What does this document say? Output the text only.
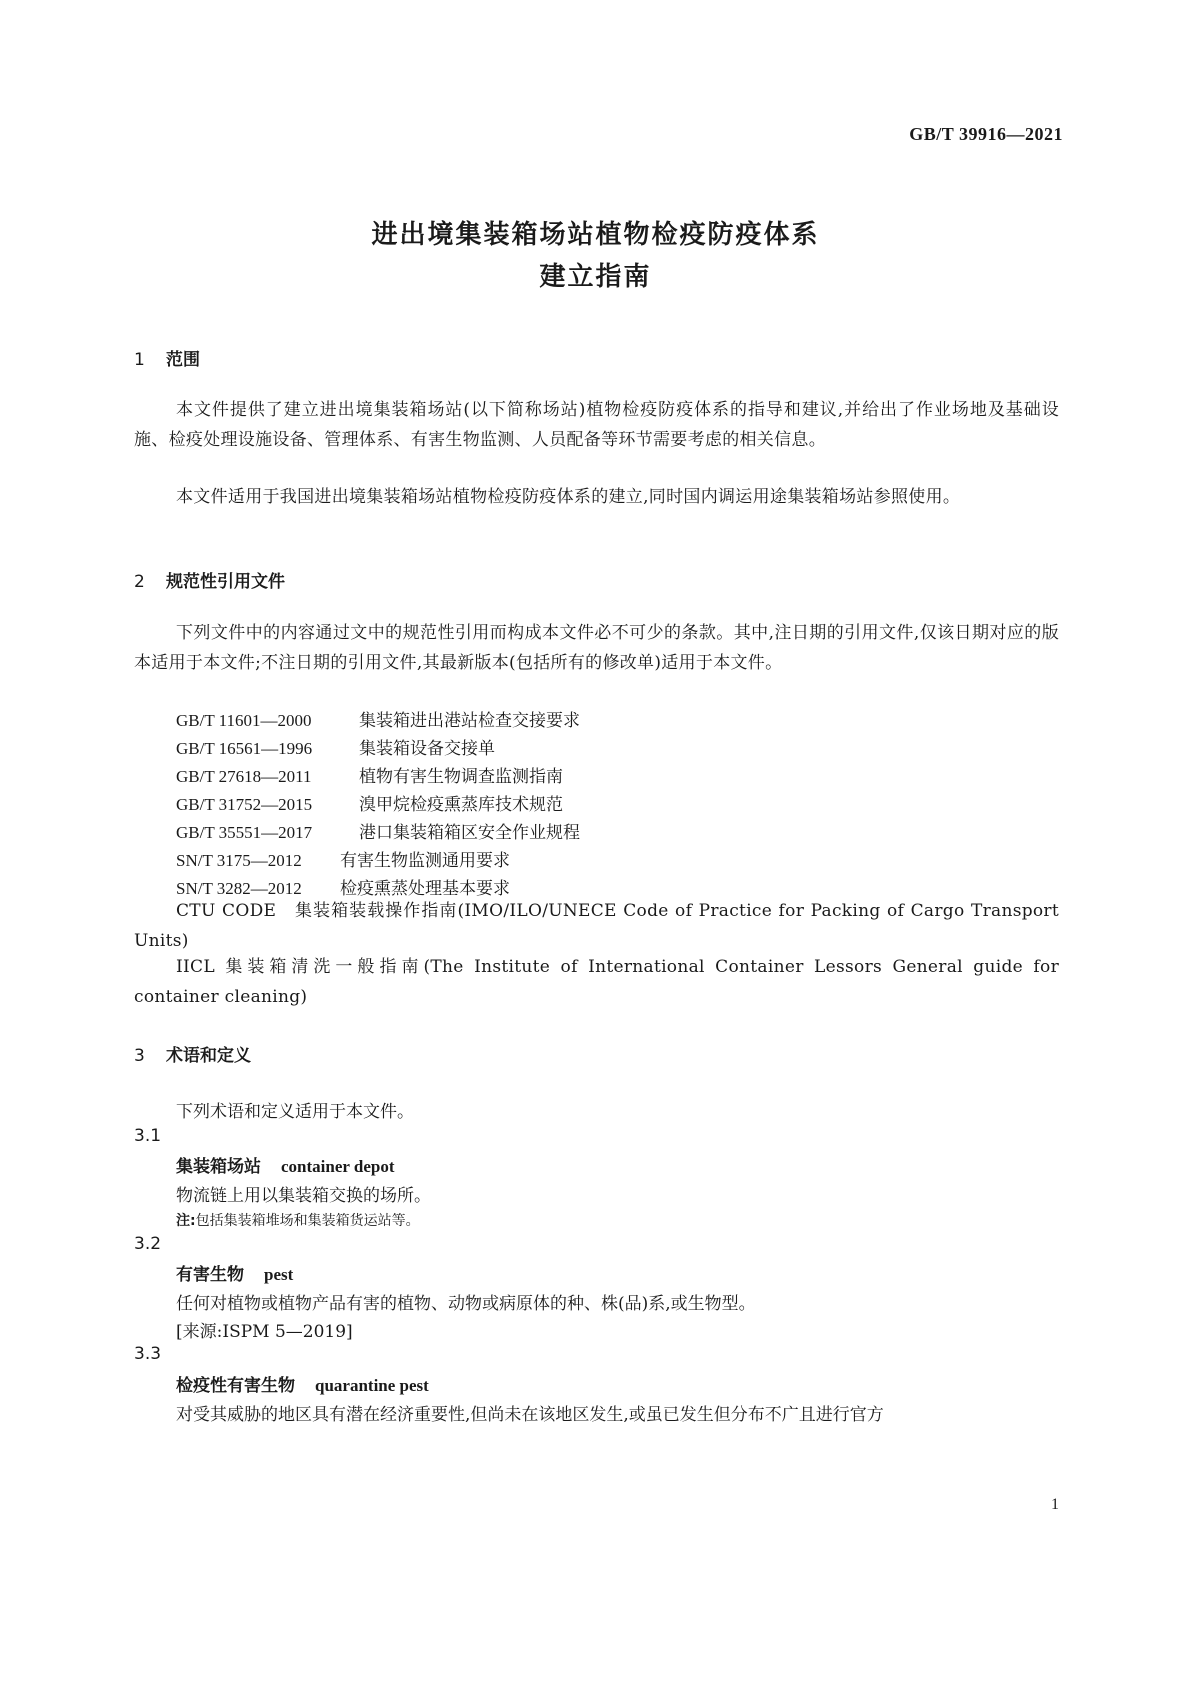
GB/T 39916—2021
进出境集装箱场站植物检疫防疫体系
建立指南
1 范围
本文件提供了建立进出境集装箱场站(以下简称场站)植物检疫防疫体系的指导和建议,并给出了作业场地及基础设施、检疫处理设施设备、管理体系、有害生物监测、人员配备等环节需要考虑的相关信息。
本文件适用于我国进出境集装箱场站植物检疫防疫体系的建立,同时国内调运用途集装箱场站参照使用。
2 规范性引用文件
下列文件中的内容通过文中的规范性引用而构成本文件必不可少的条款。其中,注日期的引用文件,仅该日期对应的版本适用于本文件;不注日期的引用文件,其最新版本(包括所有的修改单)适用于本文件。
GB/T 11601—2000	集装箱进出港站检查交接要求
GB/T 16561—1996	集装箱设备交接单
GB/T 27618—2011	植物有害生物调查监测指南
GB/T 31752—2015	溴甲烷检疫熏蒸库技术规范
GB/T 35551—2017	港口集装箱箱区安全作业规程
SN/T 3175—2012 有害生物监测通用要求
SN/T 3282—2012 检疫熏蒸处理基本要求
CTU CODE　集装箱装载操作指南(IMO/ILO/UNECE Code of Practice for Packing of Cargo Transport Units)
IICL 集装箱清洗一般指南(The Institute of International Container Lessors General guide for container cleaning)
3 术语和定义
下列术语和定义适用于本文件。
3.1
集装箱场站 container depot
物流链上用以集装箱交换的场所。
注:包括集装箱堆场和集装箱货运站等。
3.2
有害生物 pest
任何对植物或植物产品有害的植物、动物或病原体的种、株(品)系,或生物型。
[来源:ISPM 5—2019]
3.3
检疫性有害生物 quarantine pest
对受其威胁的地区具有潜在经济重要性,但尚未在该地区发生,或虽已发生但分布不广且进行官方
1
